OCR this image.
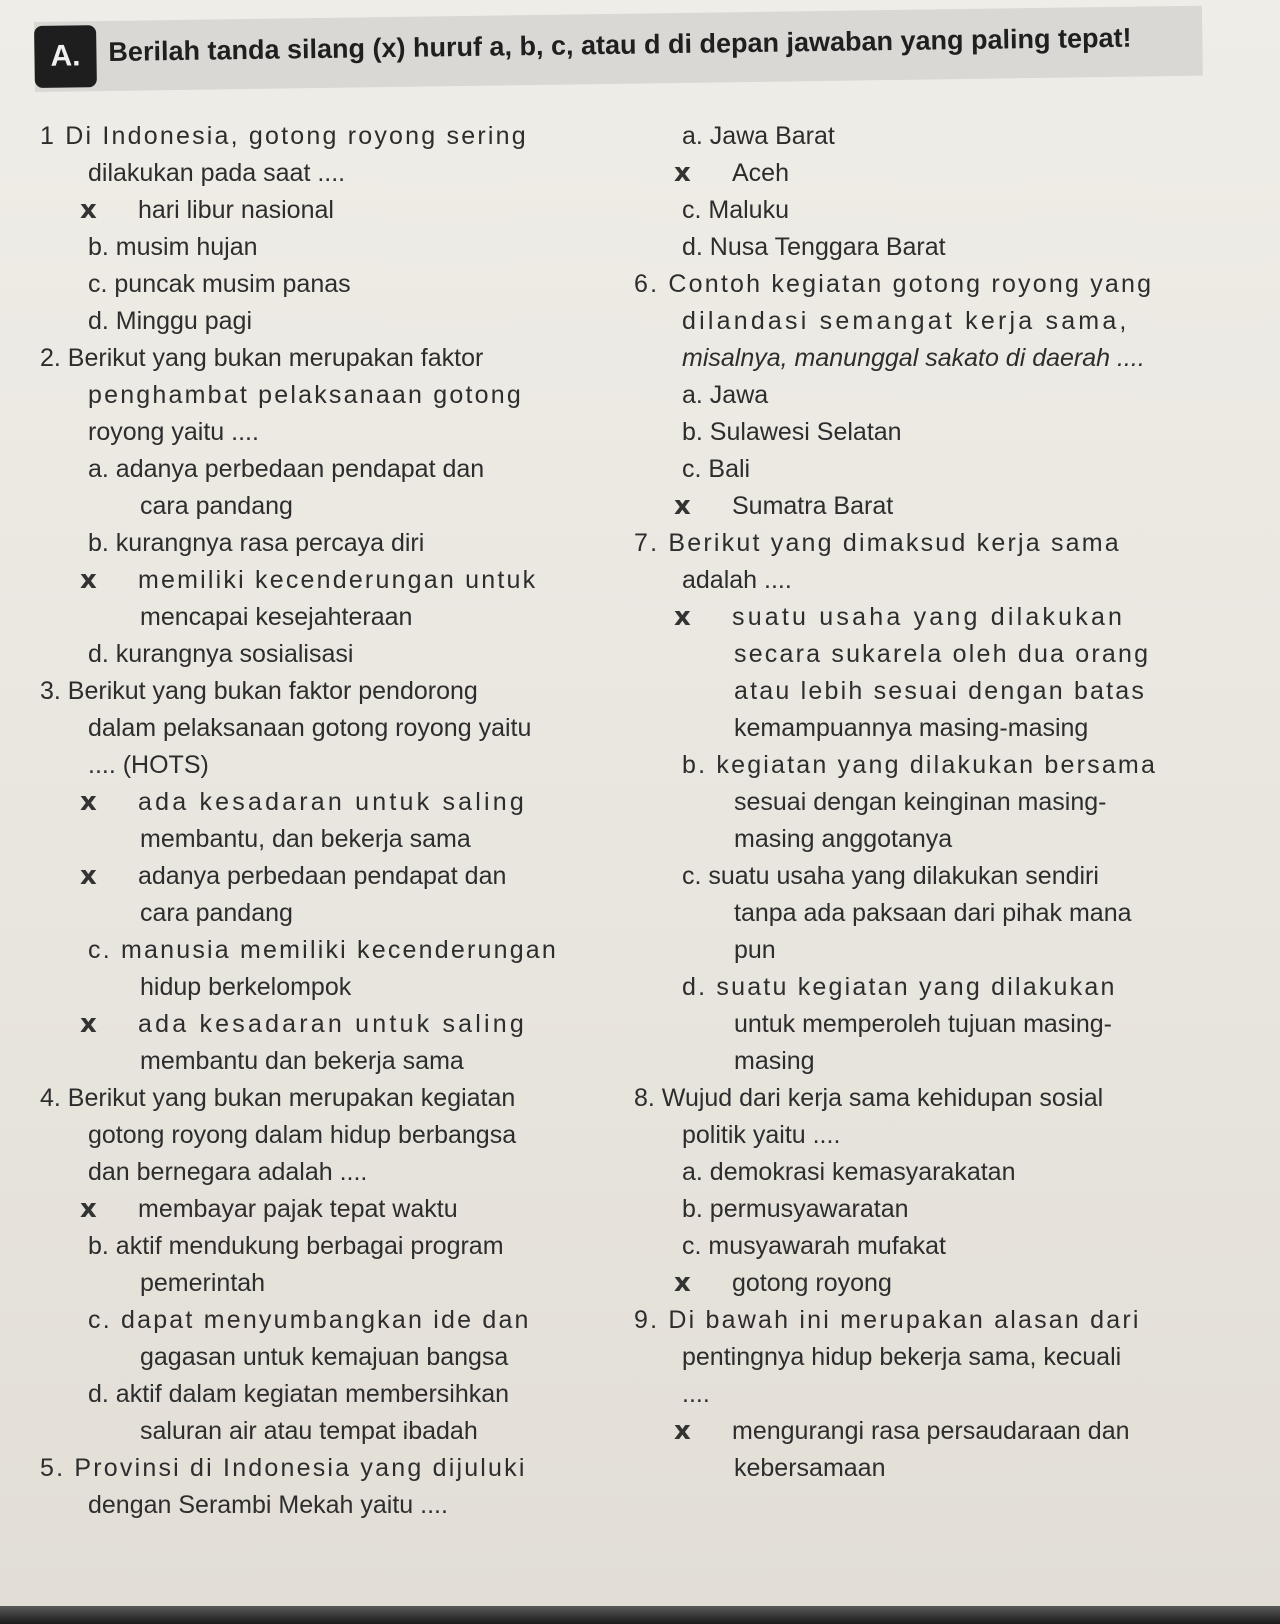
A.	Berilah tanda silang (x) huruf a, b, c, atau d di depan jawaban yang paling tepat!
1 Di Indonesia, gotong royong sering
dilakukan pada saat ....
x hari libur nasional
b. musim hujan
c. puncak musim panas
d. Minggu pagi
2. Berikut yang bukan merupakan faktor
penghambat pelaksanaan gotong
royong yaitu ....
a. adanya perbedaan pendapat dan
cara pandang
b. kurangnya rasa percaya diri
x memiliki kecenderungan untuk
mencapai kesejahteraan
d. kurangnya sosialisasi
3. Berikut yang bukan faktor pendorong
dalam pelaksanaan gotong royong yaitu
.... (HOTS)
x ada kesadaran untuk saling
membantu, dan bekerja sama
x adanya perbedaan pendapat dan
cara pandang
c. manusia memiliki kecenderungan
hidup berkelompok
x ada kesadaran untuk saling
membantu dan bekerja sama
4. Berikut yang bukan merupakan kegiatan
gotong royong dalam hidup berbangsa
dan bernegara adalah ....
x membayar pajak tepat waktu
b. aktif mendukung berbagai program
pemerintah
c. dapat menyumbangkan ide dan
gagasan untuk kemajuan bangsa
d. aktif dalam kegiatan membersihkan
saluran air atau tempat ibadah
5. Provinsi di Indonesia yang dijuluki
dengan Serambi Mekah yaitu ....
a. Jawa Barat
x Aceh
c. Maluku
d. Nusa Tenggara Barat
6. Contoh kegiatan gotong royong yang
dilandasi semangat kerja sama,
misalnya, manunggal sakato di daerah ....
a. Jawa
b. Sulawesi Selatan
c. Bali
x Sumatra Barat
7. Berikut yang dimaksud kerja sama
adalah ....
x suatu usaha yang dilakukan
secara sukarela oleh dua orang
atau lebih sesuai dengan batas
kemampuannya masing-masing
b. kegiatan yang dilakukan bersama
sesuai dengan keinginan masing-
masing anggotanya
c. suatu usaha yang dilakukan sendiri
tanpa ada paksaan dari pihak mana
pun
d. suatu kegiatan yang dilakukan
untuk memperoleh tujuan masing-
masing
8. Wujud dari kerja sama kehidupan sosial
politik yaitu ....
a. demokrasi kemasyarakatan
b. permusyawaratan
c. musyawarah mufakat
x gotong royong
9. Di bawah ini merupakan alasan dari
pentingnya hidup bekerja sama, kecuali
....
x mengurangi rasa persaudaraan dan
kebersamaan
